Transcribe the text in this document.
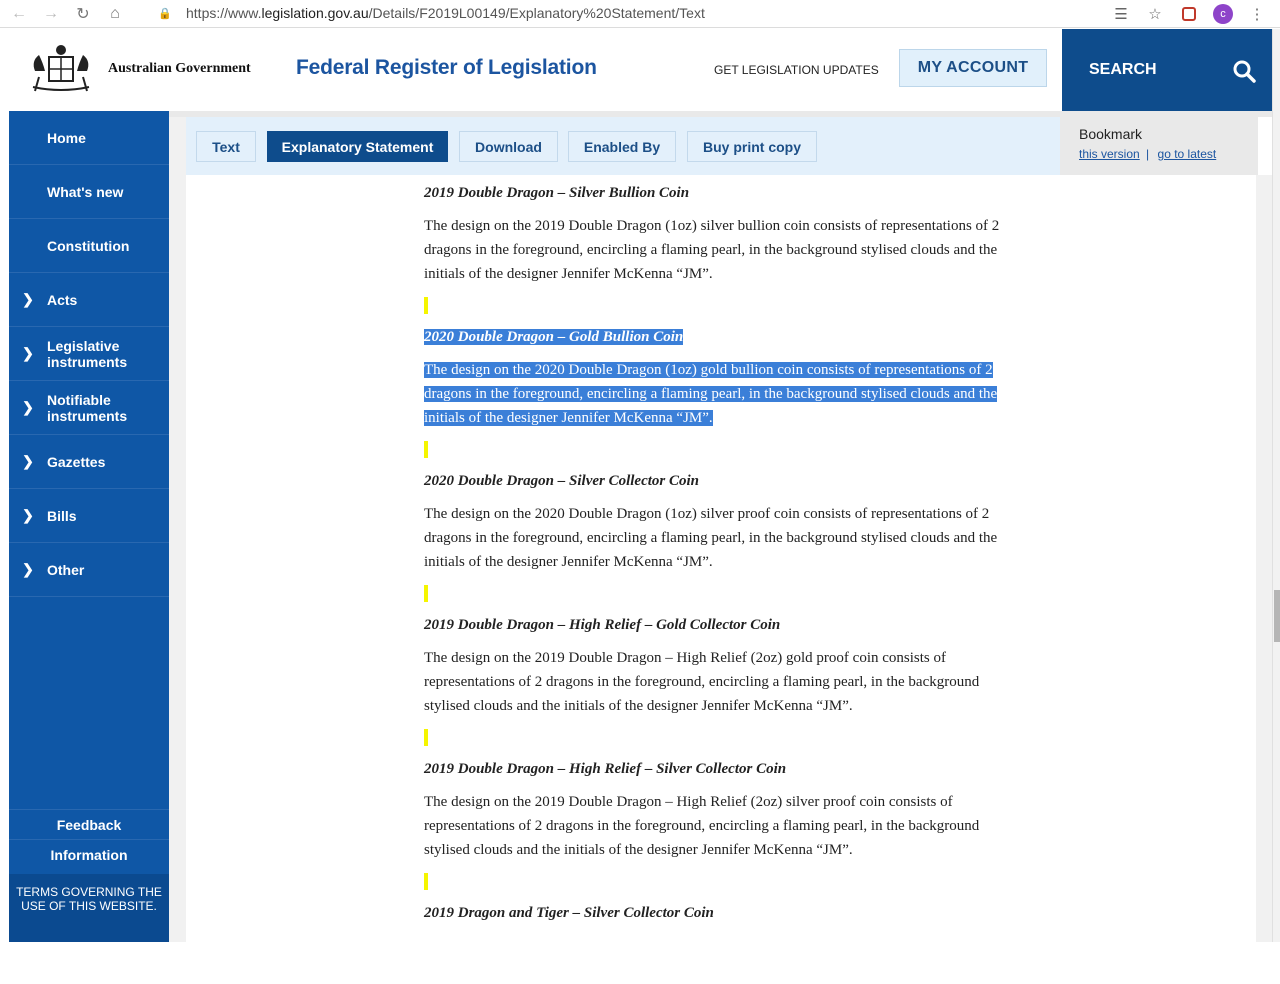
←	→	↻	⌂	🔒 https://www. legislation.gov.au /Details/F2019L00149/Explanatory%20Statement/Text	☰ ☆	c	⋮
Australian Government Federal Register of Legislation	GET LEGISLATION UPDATES	MY ACCOUNT	SEARCH
Home
What's new
Constitution
❯ Acts
❯ Legislative instruments
❯ Notifiable instruments
❯ Gazettes
❯ Bills
❯ Other
Feedback
Information
TERMS GOVERNING THE USE OF THIS WEBSITE.
Text	Explanatory Statement	Download	Enabled By	Buy print copy
Bookmark
this version | go to latest
2019 Double Dragon – Silver Bullion Coin
The design on the 2019 Double Dragon (1oz) silver bullion coin consists of representations of 2 dragons in the foreground, encircling a flaming pearl, in the background stylised clouds and the initials of the designer Jennifer McKenna “JM”.
2020 Double Dragon – Gold Bullion Coin
The design on the 2020 Double Dragon (1oz) gold bullion coin consists of representations of 2 dragons in the foreground, encircling a flaming pearl, in the background stylised clouds and the initials of the designer Jennifer McKenna “JM”.
2020 Double Dragon – Silver Collector Coin
The design on the 2020 Double Dragon (1oz) silver proof coin consists of representations of 2 dragons in the foreground, encircling a flaming pearl, in the background stylised clouds and the initials of the designer Jennifer McKenna “JM”.
2019 Double Dragon – High Relief – Gold Collector Coin
The design on the 2019 Double Dragon – High Relief (2oz) gold proof coin consists of representations of 2 dragons in the foreground, encircling a flaming pearl, in the background stylised clouds and the initials of the designer Jennifer McKenna “JM”.
2019 Double Dragon – High Relief – Silver Collector Coin
The design on the 2019 Double Dragon – High Relief (2oz) silver proof coin consists of representations of 2 dragons in the foreground, encircling a flaming pearl, in the background stylised clouds and the initials of the designer Jennifer McKenna “JM”.
2019 Dragon and Tiger – Silver Collector Coin
